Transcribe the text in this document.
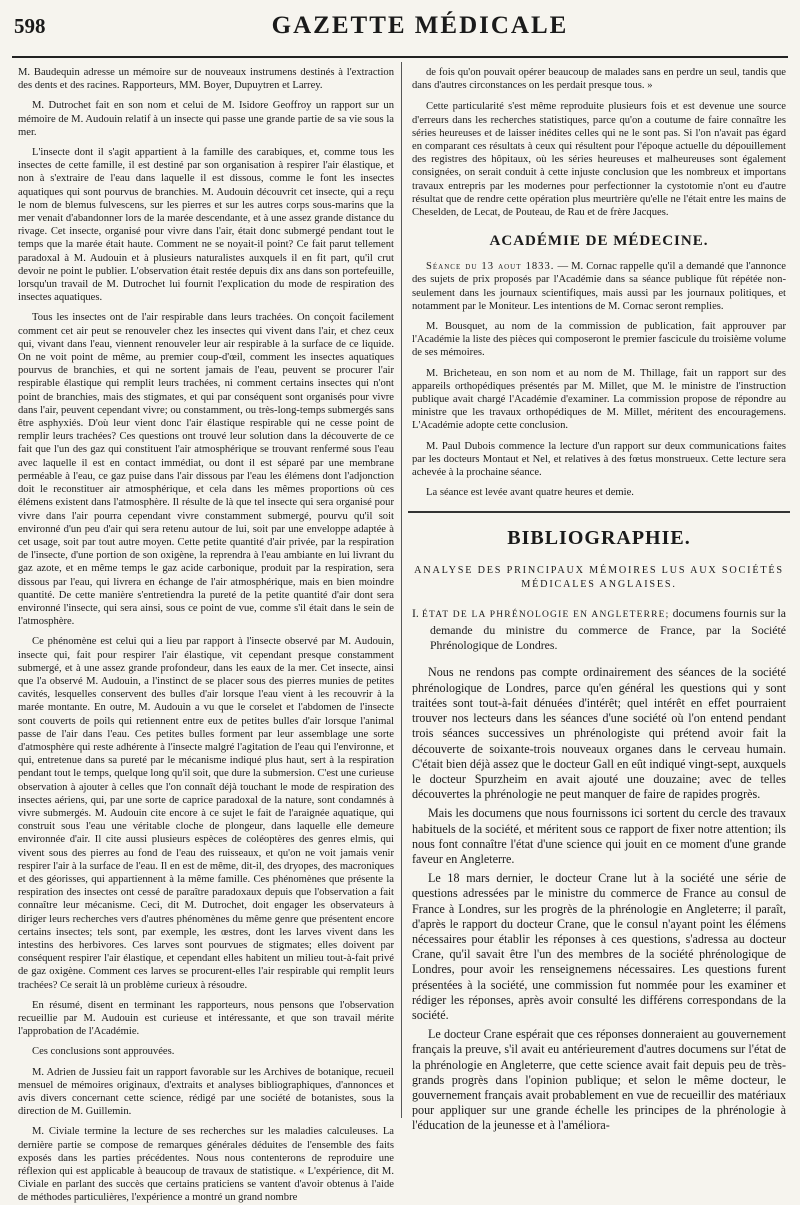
598	GAZETTE MÉDICALE

M. Baudequin adresse un mémoire sur de nouveaux instrumens destinés à l'extraction des dents et des racines. Rapporteurs, MM. Boyer, Dupuytren et Larrey.

M. Dutrochet fait en son nom et celui de M. Isidore Geoffroy un rapport sur un mémoire de M. Audouin relatif à un insecte qui passe une grande partie de sa vie sous la mer.

L'insecte dont il s'agit appartient à la famille des carabiques, et, comme tous les insectes de cette famille, il est destiné par son organisation à respirer l'air élastique, et non à s'extraire de l'eau dans laquelle il est dissous, comme le font les insectes aquatiques qui sont pourvus de branchies. M. Audouin découvrit cet insecte, qui a reçu le nom de blemus fulvescens, sur les pierres et sur les autres corps sous-marins que la mer venait d'abandonner lors de la marée descendante, et à une assez grande distance du rivage. Cet insecte, organisé pour vivre dans l'air, était donc submergé pendant tout le temps que la marée était haute. Comment ne se noyait-il point? Ce fait parut tellement paradoxal à M. Audouin et à plusieurs naturalistes auxquels il en fit part, qu'il crut devoir ne point le publier. L'observation était restée depuis dix ans dans son portefeuille, lorsqu'un travail de M. Dutrochet lui fournit l'explication du mode de respiration des insectes aquatiques.

Tous les insectes ont de l'air respirable dans leurs trachées. On conçoit facilement comment cet air peut se renouveler chez les insectes qui vivent dans l'air, et chez ceux qui, vivant dans l'eau, viennent renouveler leur air respirable à la surface de ce liquide. On ne voit point de même, au premier coup-d'œil, comment les insectes aquatiques pourvus de branchies, et qui ne sortent jamais de l'eau, peuvent se procurer l'air respirable élastique qui remplit leurs trachées, ni comment certains insectes qui n'ont point de branchies, mais des stigmates, et qui par conséquent sont organisés pour vivre dans l'air, peuvent cependant vivre; ou constamment, ou très-long-temps submergés sans être asphyxiés. D'où leur vient donc l'air élastique respirable qui ne cesse point de remplir leurs trachées? Ces questions ont trouvé leur solution dans la découverte de ce fait que l'un des gaz qui constituent l'air atmosphérique se trouvant renfermé sous l'eau avec laquelle il est en contact immédiat, ou dont il est séparé par une membrane perméable à l'eau, ce gaz puise dans l'air dissous par l'eau les élémens dont l'adjonction doit le reconstituer air atmosphérique, et cela dans les mêmes proportions où ces élémens existent dans l'atmosphère. Il résulte de là que tel insecte qui sera organisé pour vivre dans l'air pourra cependant vivre constamment submergé, pourvu qu'il soit environné d'un peu d'air qui sera retenu autour de lui, soit par une enveloppe adaptée à cet usage, soit par tout autre moyen. Cette petite quantité d'air privée, par la respiration de l'insecte, d'une portion de son oxigène, la reprendra à l'eau ambiante en lui livrant du gaz azote, et en même temps le gaz acide carbonique, produit par la respiration, sera dissous par l'eau, qui livrera en échange de l'air atmosphérique, mais en bien moindre quantité. De cette manière s'entretiendra la pureté de la petite quantité d'air dont sera environné l'insecte, qui sera ainsi, sous ce point de vue, comme s'il était dans le sein de l'atmosphère.

Ce phénomène est celui qui a lieu par rapport à l'insecte observé par M. Audouin, insecte qui, fait pour respirer l'air élastique, vit cependant presque constamment submergé, et à une assez grande profondeur, dans les eaux de la mer. Cet insecte, ainsi que l'a observé M. Audouin, a l'instinct de se placer sous des pierres munies de petites cavités, lesquelles conservent des bulles d'air lorsque l'eau vient à les recouvrir à la marée montante. En outre, M. Audouin a vu que le corselet et l'abdomen de l'insecte sont couverts de poils qui retiennent entre eux de petites bulles d'air lorsque l'animal passe de l'air dans l'eau. Ces petites bulles forment par leur assemblage une sorte d'atmosphère qui reste adhérente à l'insecte malgré l'agitation de l'eau qui l'environne, et qui, entretenue dans sa pureté par le mécanisme indiqué plus haut, sert à la respiration pendant tout le temps, quelque long qu'il soit, que dure la submersion. C'est une curieuse observation à ajouter à celles que l'on connaît déjà touchant le mode de respiration des insectes aériens, qui, par une sorte de caprice paradoxal de la nature, sont condamnés à vivre submergés. M. Audouin cite encore à ce sujet le fait de l'araignée aquatique, qui construit sous l'eau une véritable cloche de plongeur, dans laquelle elle demeure environnée d'air. Il cite aussi plusieurs espèces de coléoptères des genres elmis, qui vivent sous des pierres au fond de l'eau des ruisseaux, et qu'on ne voit jamais venir respirer l'air à la surface de l'eau. Il en est de même, dit-il, des dryopes, des macroniques et des géorisses, qui appartiennent à la même famille. Ces phénomènes que présente la respiration des insectes ont cessé de paraître paradoxaux depuis que l'observation a fait connaître leur mécanisme. Ceci, dit M. Dutrochet, doit engager les observateurs à diriger leurs recherches vers d'autres phénomènes du même genre que présentent encore certains insectes; tels sont, par exemple, les œstres, dont les larves vivent dans les intestins des herbivores. Ces larves sont pourvues de stigmates; elles doivent par conséquent respirer l'air élastique, et cependant elles habitent un milieu tout-à-fait privé de gaz oxigène. Comment ces larves se procurent-elles l'air respirable qui remplit leurs trachées? Ce serait là un problème curieux à résoudre.

En résumé, disent en terminant les rapporteurs, nous pensons que l'observation recueillie par M. Audouin est curieuse et intéressante, et que son travail mérite l'approbation de l'Académie.

Ces conclusions sont approuvées.

M. Adrien de Jussieu fait un rapport favorable sur les Archives de botanique, recueil mensuel de mémoires originaux, d'extraits et analyses bibliographiques, d'annonces et avis divers concernant cette science, rédigé par une société de botanistes, sous la direction de M. Guillemin.

M. Civiale termine la lecture de ses recherches sur les maladies calculeuses. La dernière partie se compose de remarques générales déduites de l'ensemble des faits exposés dans les parties précédentes. Nous nous contenterons de reproduire une réflexion qui est applicable à beaucoup de travaux de statistique. « L'expérience, dit M. Civiale en parlant des succès que certains praticiens se vantent d'avoir obtenus à l'aide de méthodes particulières, l'expérience a montré un grand nombre

de fois qu'on pouvait opérer beaucoup de malades sans en perdre un seul, tandis que dans d'autres circonstances on les perdait presque tous. »

Cette particularité s'est même reproduite plusieurs fois et est devenue une source d'erreurs dans les recherches statistiques, parce qu'on a coutume de faire connaître les séries heureuses et de laisser inédites celles qui ne le sont pas. Si l'on n'avait pas égard en comparant ces résultats à ceux qui résultent pour l'époque actuelle du dépouillement des registres des hôpitaux, où les séries heureuses et malheureuses sont également consignées, on serait conduit à cette injuste conclusion que les nombreux et importans travaux entrepris par les modernes pour perfectionner la cystotomie n'ont eu d'autre résultat que de rendre cette opération plus meurtrière qu'elle ne l'était entre les mains de Cheselden, de Lecat, de Pouteau, de Rau et de frère Jacques.

ACADÉMIE DE MÉDECINE.

Séance du 13 aout 1833. — M. Cornac rappelle qu'il a demandé que l'annonce des sujets de prix proposés par l'Académie dans sa séance publique fût répétée non-seulement dans les journaux scientifiques, mais aussi par les journaux politiques, et notamment par le Moniteur. Les intentions de M. Cornac seront remplies.

M. Bousquet, au nom de la commission de publication, fait approuver par l'Académie la liste des pièces qui composeront le premier fascicule du troisième volume de ses mémoires.

M. Bricheteau, en son nom et au nom de M. Thillage, fait un rapport sur des appareils orthopédiques présentés par M. Millet, que M. le ministre de l'instruction publique avait chargé l'Académie d'examiner. La commission propose de répondre au ministre que les travaux orthopédiques de M. Millet, méritent des encouragemens. L'Académie adopte cette conclusion.

M. Paul Dubois commence la lecture d'un rapport sur deux communications faites par les docteurs Montaut et Nel, et relatives à des fœtus monstrueux. Cette lecture sera achevée à la prochaine séance.

La séance est levée avant quatre heures et demie.

BIBLIOGRAPHIE.
ANALYSE DES PRINCIPAUX MÉMOIRES LUS AUX SOCIÉTÉS
MÉDICALES ANGLAISES.
I. ÉTAT DE LA PHRÉNOLOGIE EN ANGLETERRE; documens fournis sur la demande du ministre du commerce de France, par la Société Phrénologique de Londres.

Nous ne rendons pas compte ordinairement des séances de la société phrénologique de Londres, parce qu'en général les questions qui y sont traitées sont tout-à-fait dénuées d'intérêt; quel intérêt en effet pourraient trouver nos lecteurs dans les séances d'une société où l'on entend pendant trois séances successives un phrénologiste qui prétend avoir fait la découverte de soixante-trois nouveaux organes dans le cerveau humain. C'était bien déjà assez que le docteur Gall en eût indiqué vingt-sept, auxquels le docteur Spurzheim en avait ajouté une douzaine; avec de telles découvertes la phrénologie ne peut manquer de faire de rapides progrès.

Mais les documens que nous fournissons ici sortent du cercle des travaux habituels de la société, et méritent sous ce rapport de fixer notre attention; ils nous font connaître l'état d'une science qui jouit en ce moment d'une grande faveur en Angleterre.

Le 18 mars dernier, le docteur Crane lut à la société une série de questions adressées par le ministre du commerce de France au consul de France à Londres, sur les progrès de la phrénologie en Angleterre; il paraît, d'après le rapport du docteur Crane, que le consul n'ayant point les élémens nécessaires pour établir les réponses à ces questions, s'adressa au docteur Crane, qu'il savait être l'un des membres de la société phrénologique de Londres, pour avoir les renseignemens nécessaires. Les questions furent présentées à la société, une commission fut nommée pour les examiner et rédiger les réponses, après avoir consulté les différens correspondans de la société.

Le docteur Crane espérait que ces réponses donneraient au gouvernement français la preuve, s'il avait eu antérieurement d'autres documens sur l'état de la phrénologie en Angleterre, que cette science avait fait depuis peu de très-grands progrès dans l'opinion publique; et selon le même docteur, le gouvernement français avait probablement en vue de recueillir des matériaux pour appliquer sur une grande échelle les principes de la phrénologie à l'éducation de la jeunesse et à l'améliora-
